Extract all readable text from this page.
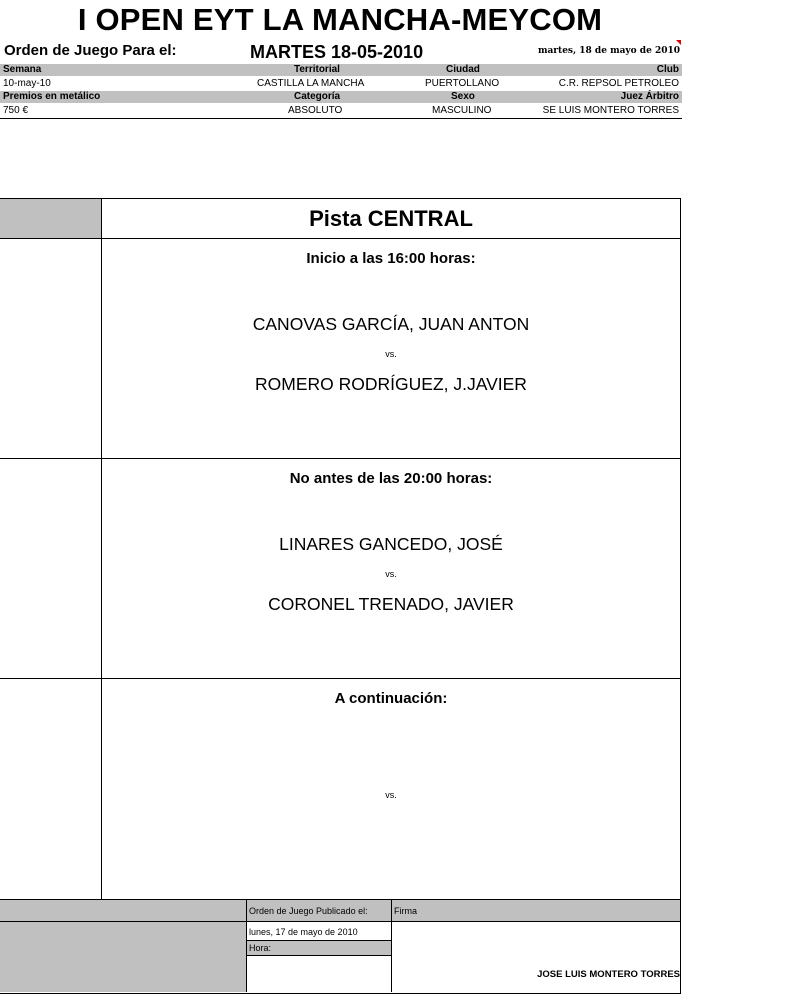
I OPEN EYT LA MANCHA-MEYCOM
Orden de Juego Para el:	MARTES 18-05-2010	martes, 18 de mayo de 2010
Semana	Territorial	Ciudad	Club
10-may-10	CASTILLA LA MANCHA	PUERTOLLANO	C.R. REPSOL PETROLEO
Premios en metálico	Categoría	Sexo	Juez Árbitro
750 €	ABSOLUTO	MASCULINO	SE LUIS MONTERO TORRES
Pista CENTRAL
Inicio a las 16:00 horas:
CANOVAS GARCÍA, JUAN ANTON
vs.
ROMERO RODRÍGUEZ, J.JAVIER
No antes de las 20:00 horas:
LINARES GANCEDO, JOSÉ
vs.
CORONEL TRENADO, JAVIER
A continuación:
vs.
Orden de Juego Publicado el:
lunes, 17 de mayo de 2010
Hora:
Firma
JOSE LUIS MONTERO TORRES
